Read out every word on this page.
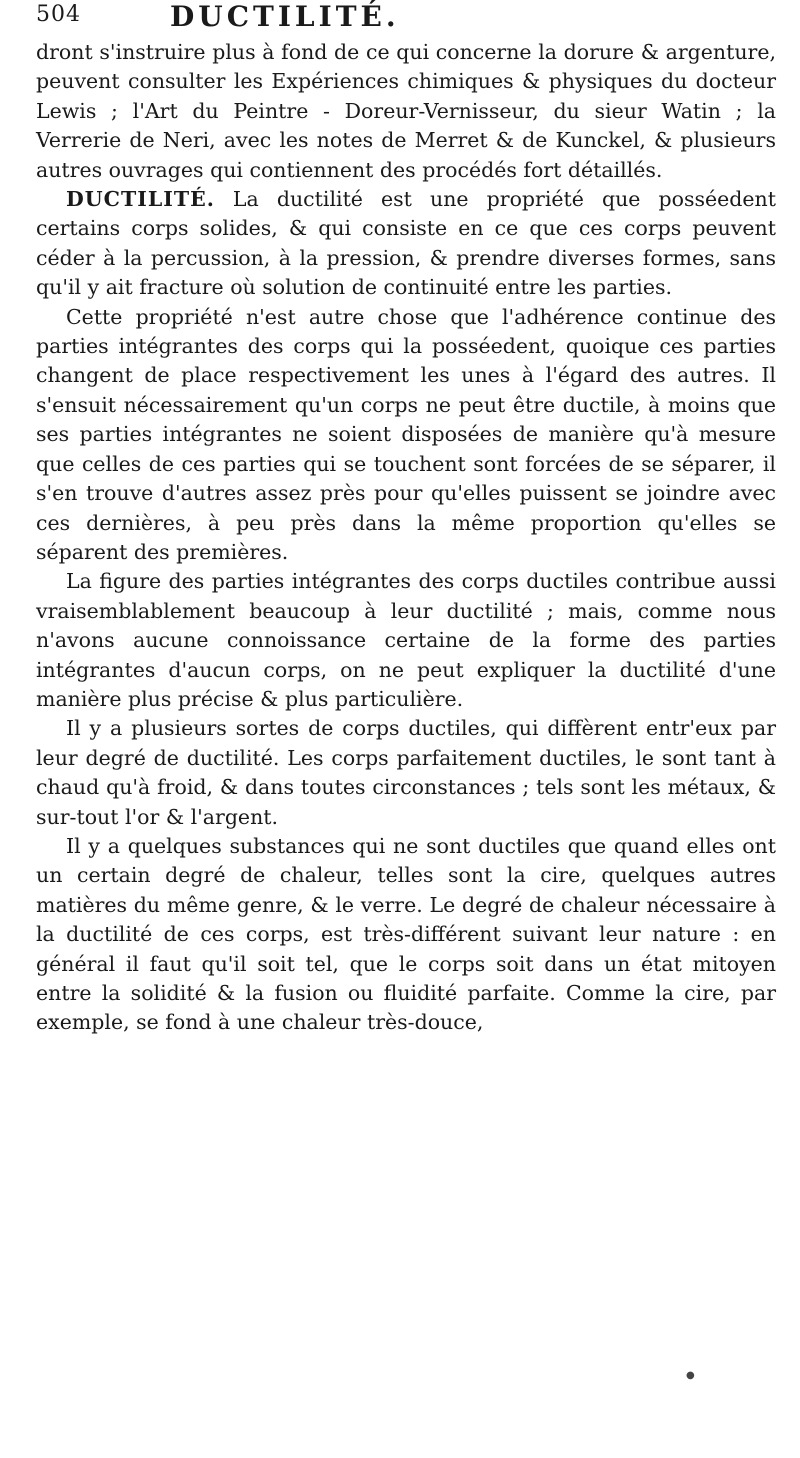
504	DUCTILITÉ.

dront s'instruire plus à fond de ce qui concerne la dorure & argenture, peuvent consulter les Expériences chimiques & physiques du docteur Lewis ; l'Art du Peintre - Doreur-Vernisseur, du sieur Watin ; la Verrerie de Neri, avec les notes de Merret & de Kunckel, & plusieurs autres ouvrages qui contiennent des procédés fort détaillés.

DUCTILITÉ. La ductilité est une propriété que posséedent certains corps solides, & qui consiste en ce que ces corps peuvent céder à la percussion, à la pression, & prendre diverses formes, sans qu'il y ait fracture où solution de continuité entre les parties.

Cette propriété n'est autre chose que l'adhérence continue des parties intégrantes des corps qui la posséedent, quoique ces parties changent de place respectivement les unes à l'égard des autres. Il s'ensuit nécessairement qu'un corps ne peut être ductile, à moins que ses parties intégrantes ne soient disposées de manière qu'à mesure que celles de ces parties qui se touchent sont forcées de se séparer, il s'en trouve d'autres assez près pour qu'elles puissent se joindre avec ces dernières, à peu près dans la même proportion qu'elles se séparent des premières.

La figure des parties intégrantes des corps ductiles contribue aussi vraisemblablement beaucoup à leur ductilité ; mais, comme nous n'avons aucune connoissance certaine de la forme des parties intégrantes d'aucun corps, on ne peut expliquer la ductilité d'une manière plus précise & plus particulière.

Il y a plusieurs sortes de corps ductiles, qui diffèrent entr'eux par leur degré de ductilité. Les corps parfaitement ductiles, le sont tant à chaud qu'à froid, & dans toutes circonstances ; tels sont les métaux, & sur-tout l'or & l'argent.

Il y a quelques substances qui ne sont ductiles que quand elles ont un certain degré de chaleur, telles sont la cire, quelques autres matières du même genre, & le verre. Le degré de chaleur nécessaire à la ductilité de ces corps, est très-différent suivant leur nature : en général il faut qu'il soit tel, que le corps soit dans un état mitoyen entre la solidité & la fusion ou fluidité parfaite. Comme la cire, par exemple, se fond à une chaleur très-douce,

●
